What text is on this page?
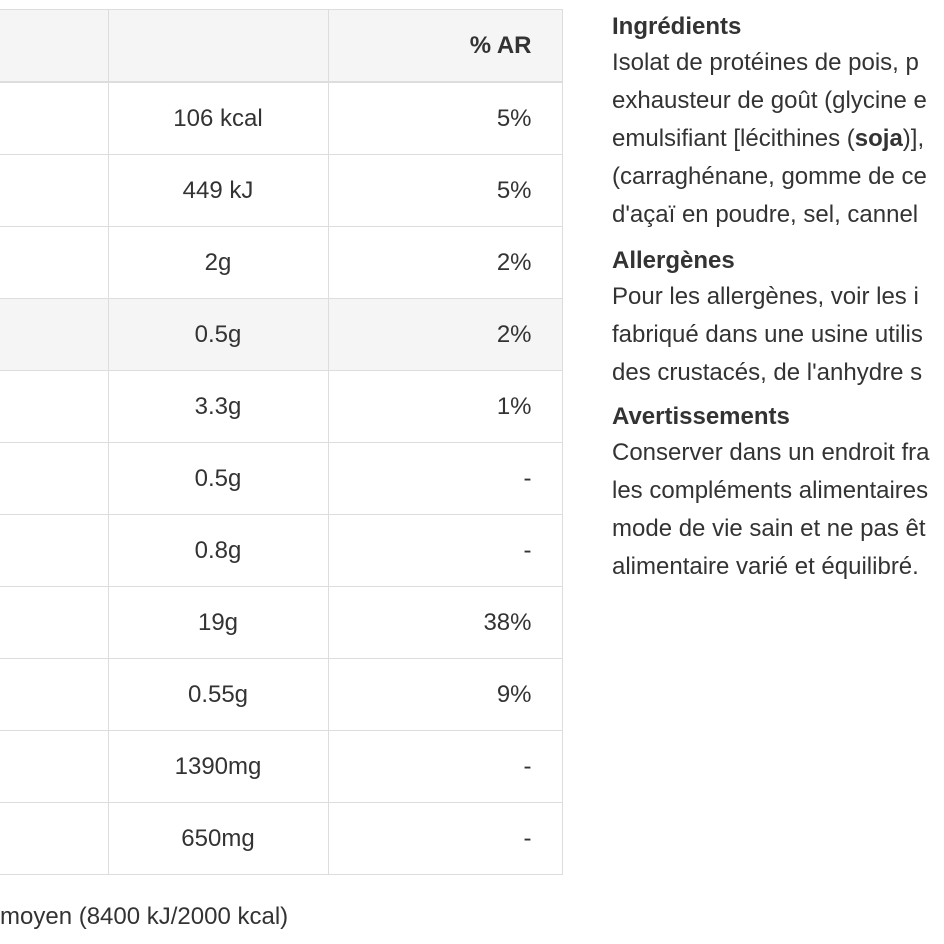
		% AR
	106 kcal	5%
	449 kJ	5%
	2g	2%
	0.5g	2%
	3.3g	1%
	0.5g	-
	0.8g	-
	19g	38%
	0.55g	9%
	1390mg	-
	650mg	-
moyen (8400 kJ/2000 kcal)
Ingrédients
Isolat de protéines de pois, p
exhausteur de goût (glycine e
emulsifiant [lécithines (soja)],
(carraghénane, gomme de ce
d'açaï en poudre, sel, cannel
Allergènes
Pour les allergènes, voir les i
fabriqué dans une usine utilis
des crustacés, de l'anhydre s
Avertissements
Conserver dans un endroit fra
les compléments alimentaires
mode de vie sain et ne pas êt
alimentaire varié et équilibré.
